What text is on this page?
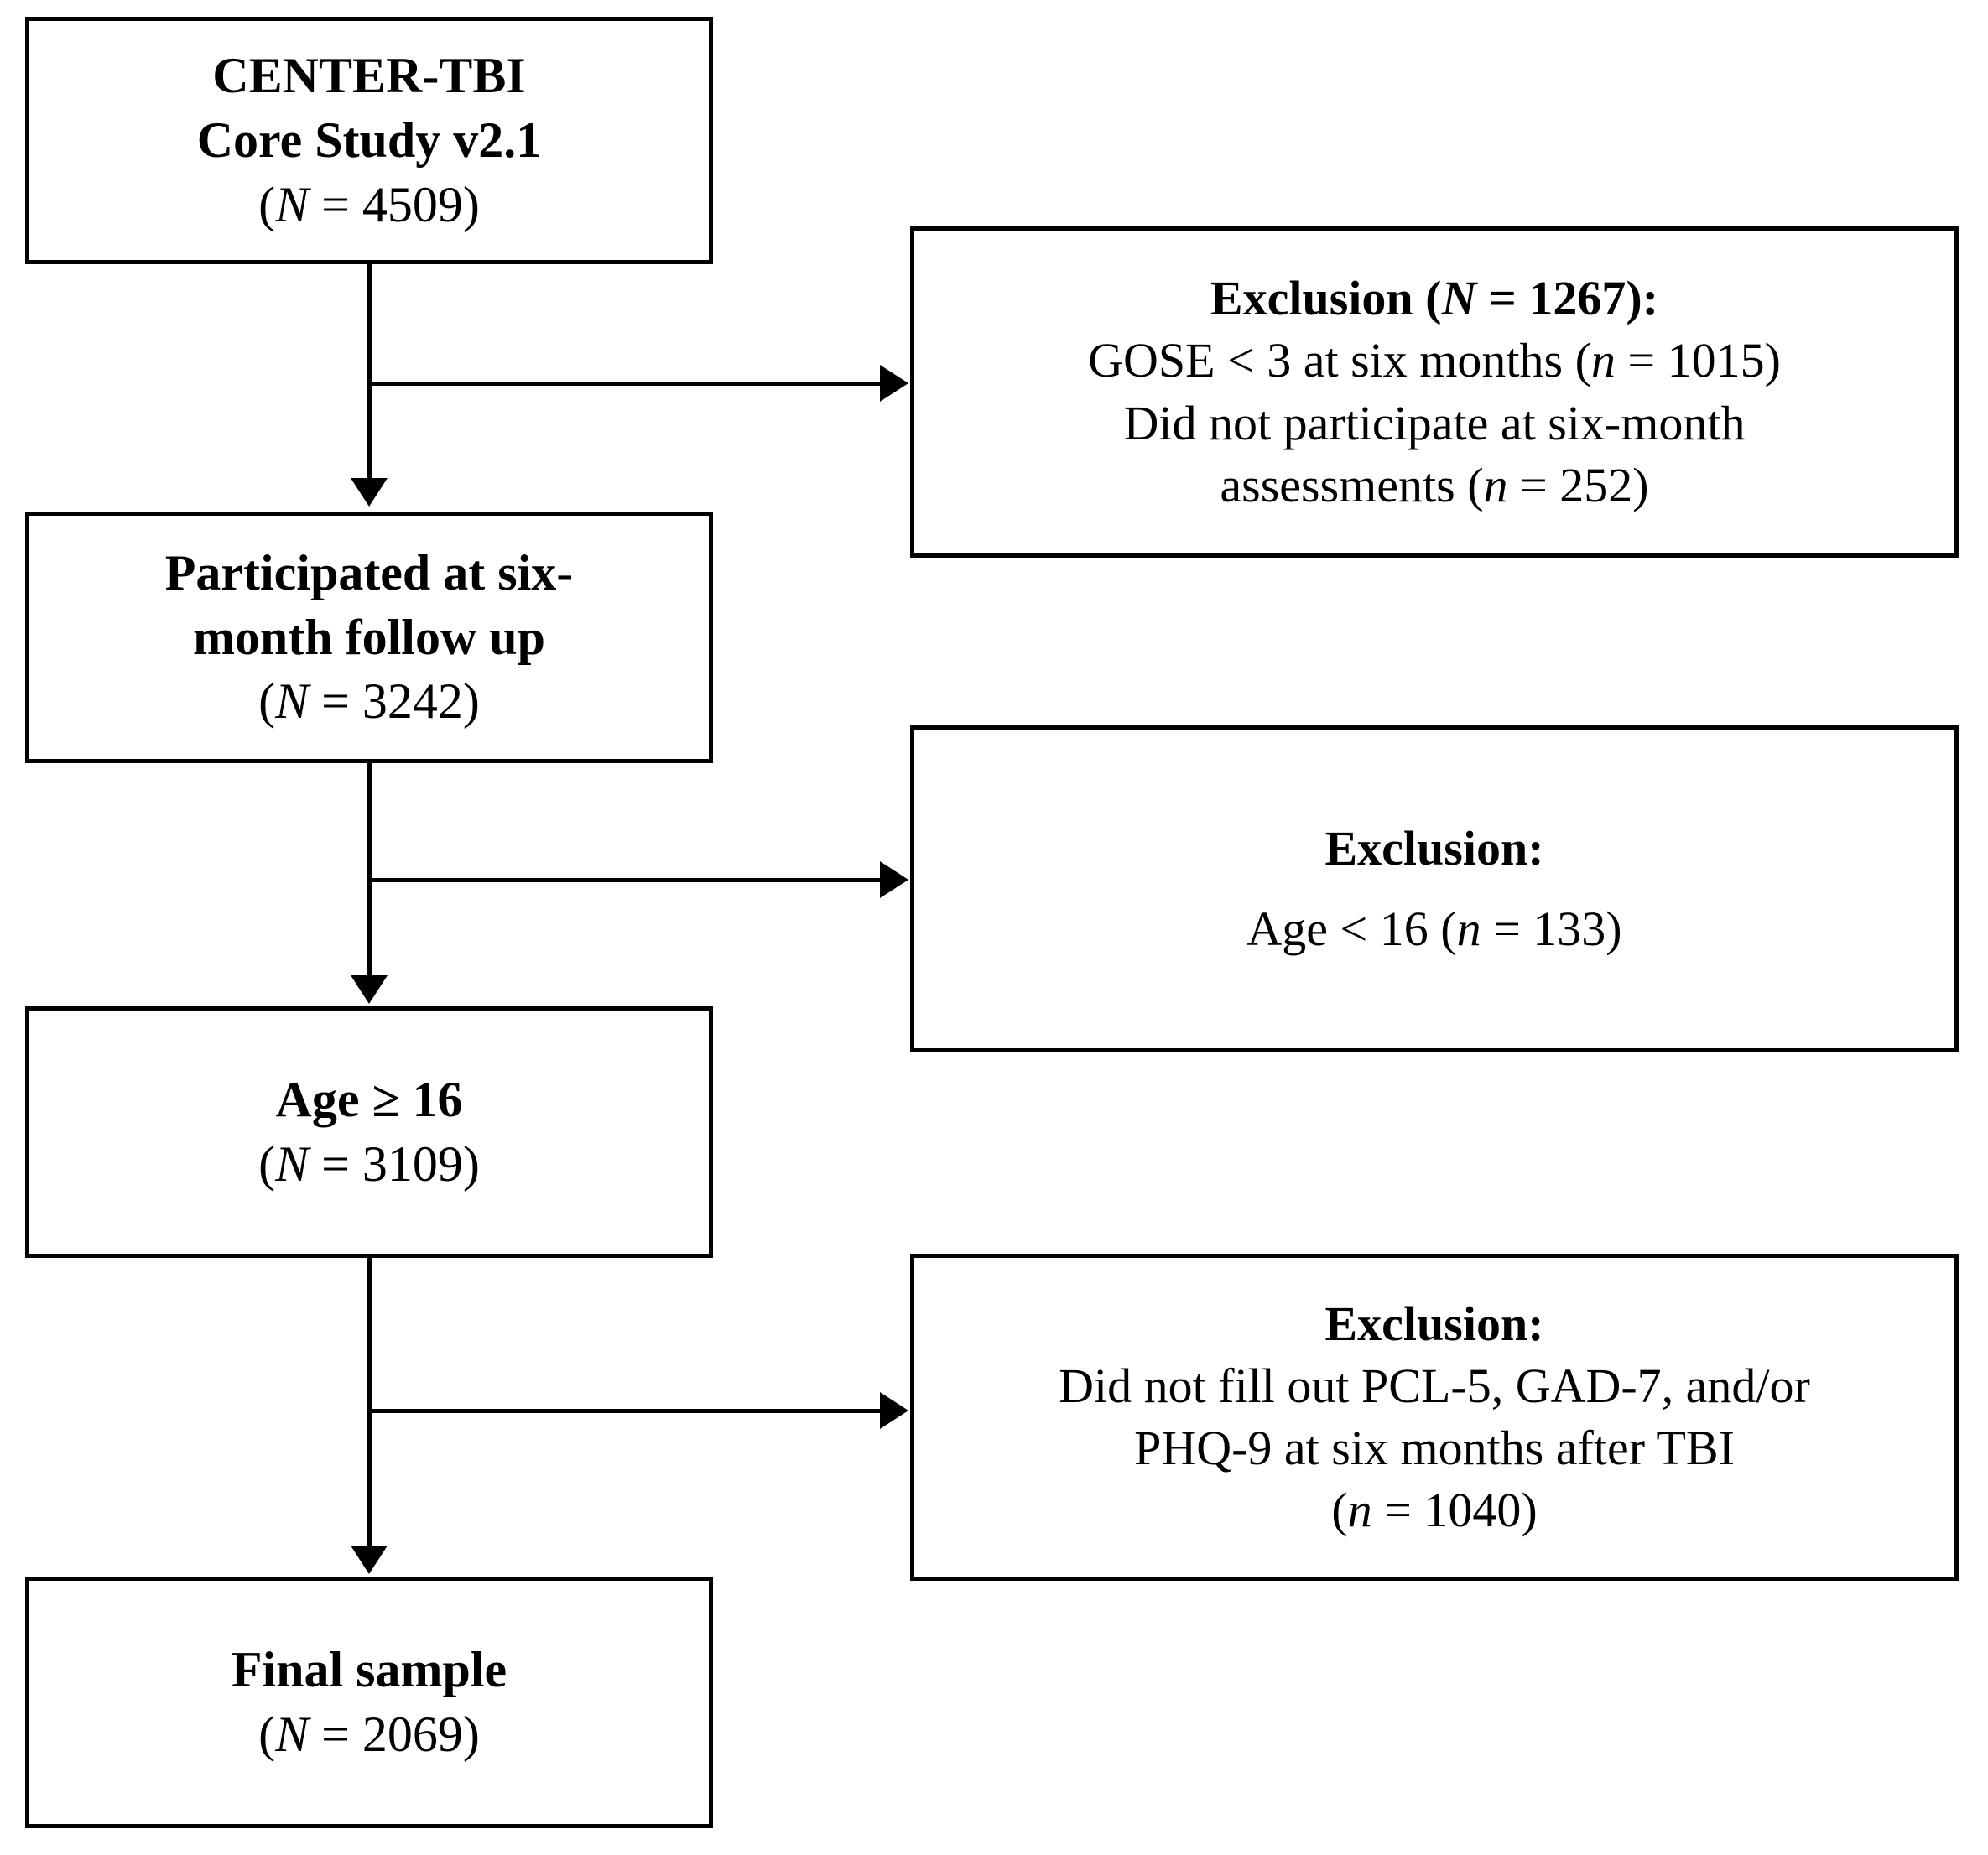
CENTER-TBI
Core Study v2.1
(N = 4509)
Exclusion (N = 1267):
GOSE < 3 at six months (n = 1015)
Did not participate at six-month
assessments (n = 252)
Participated at six-
month follow up
(N = 3242)
Exclusion:
Age < 16 (n = 133)
Age ≥ 16
(N = 3109)
Exclusion:
Did not fill out PCL-5, GAD-7, and/or
PHQ-9 at six months after TBI
(n = 1040)
Final sample
(N = 2069)
